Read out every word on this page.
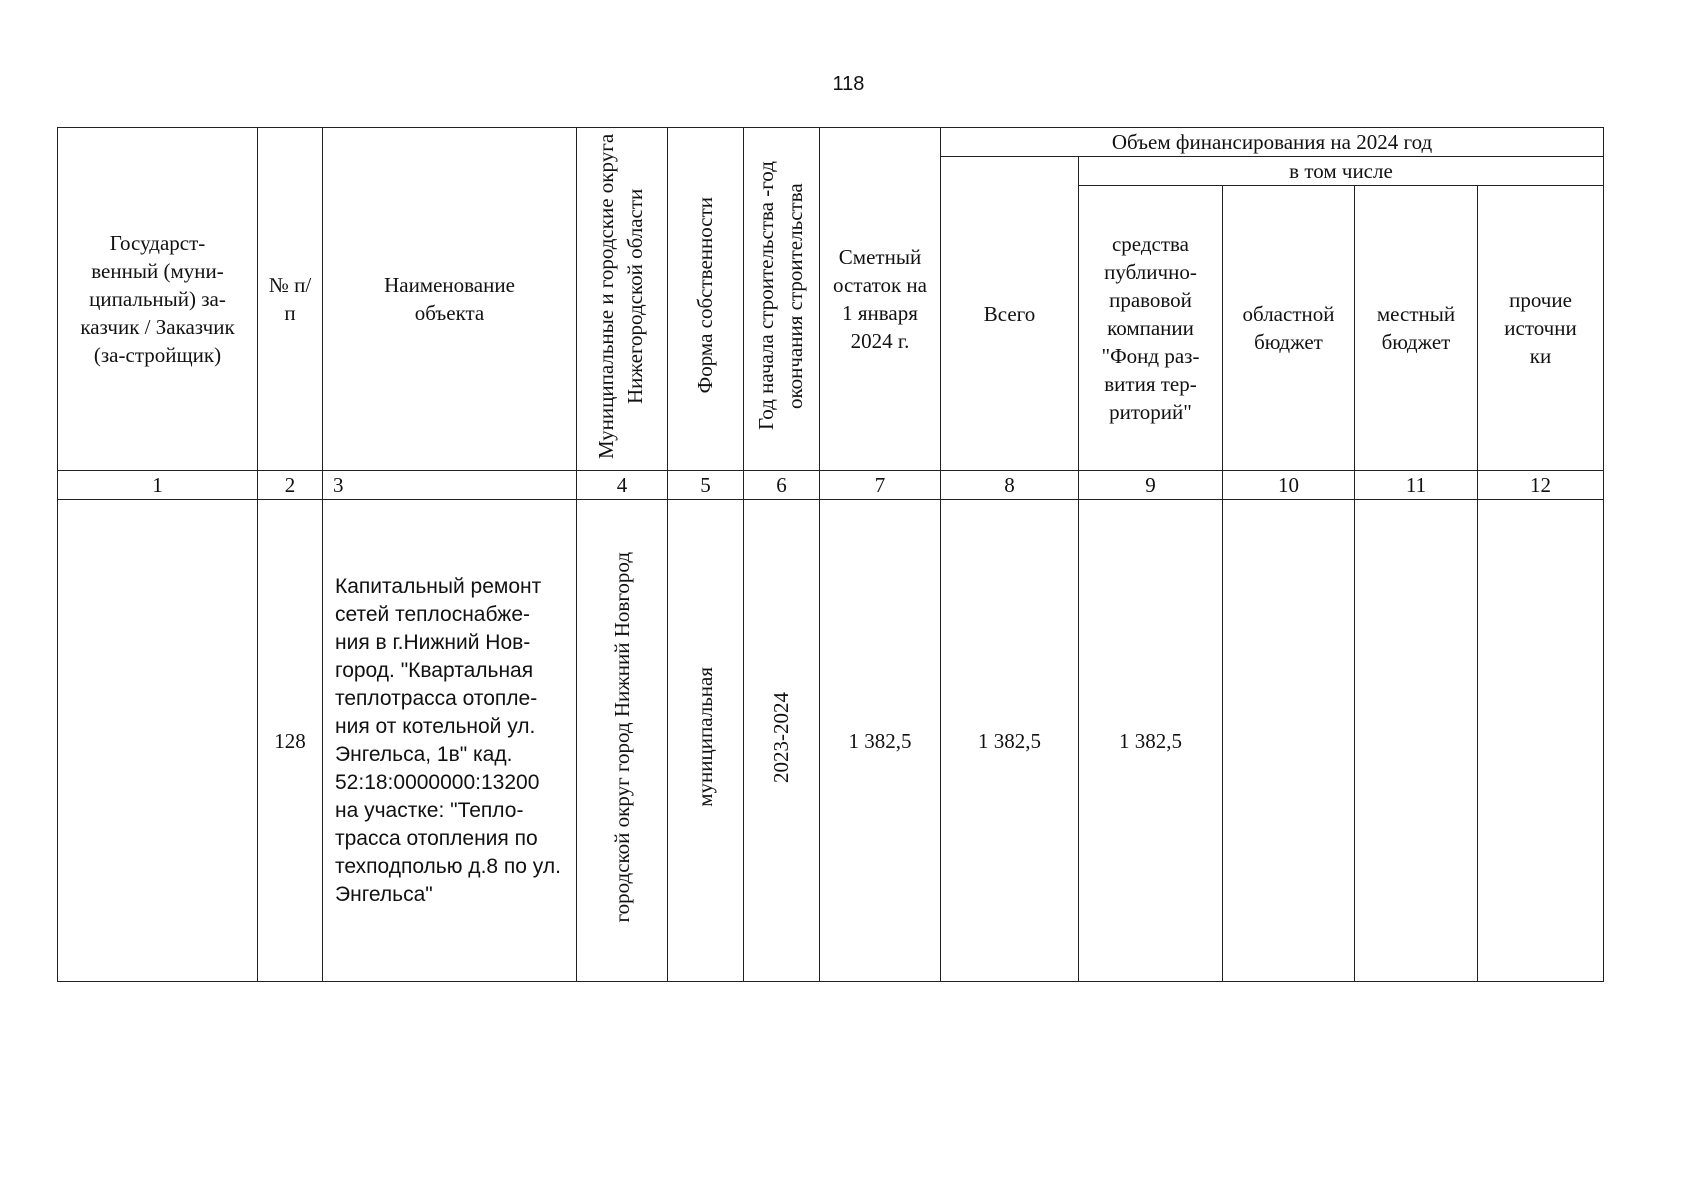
118
Государст-венный (муни-ципальный) за-казчик / Заказчик (за-стройщик)	№ п/п	Наименование объекта	Муниципальные и городские округа Нижегородской области	Форма собственности	Год начала строительства -год окончания строительства	Сметный остаток на 1 января 2024 г.	Объем финансирования на 2024 год				

							Всего	в том числе			

								средства публично-правовой компании "Фонд раз-вития тер-риторий"	областной бюджет	местный бюджет	прочие источни ки

1	2	3	4	5	6	7	8	9	10	11	12
	128	Капитальный ремонт сетей теплоснабже-ния в г.Нижний Нов-город. "Квартальная теплотрасса отопле-ния от котельной ул. Энгельса, 1в" кад. 52:18:0000000:13200 на участке: "Тепло-трасса отопления по техподполью д.8 по ул. Энгельса"	городской округ город Нижний Новгород	муниципальная	2023-2024	1 382,5	1 382,5	1 382,5			
